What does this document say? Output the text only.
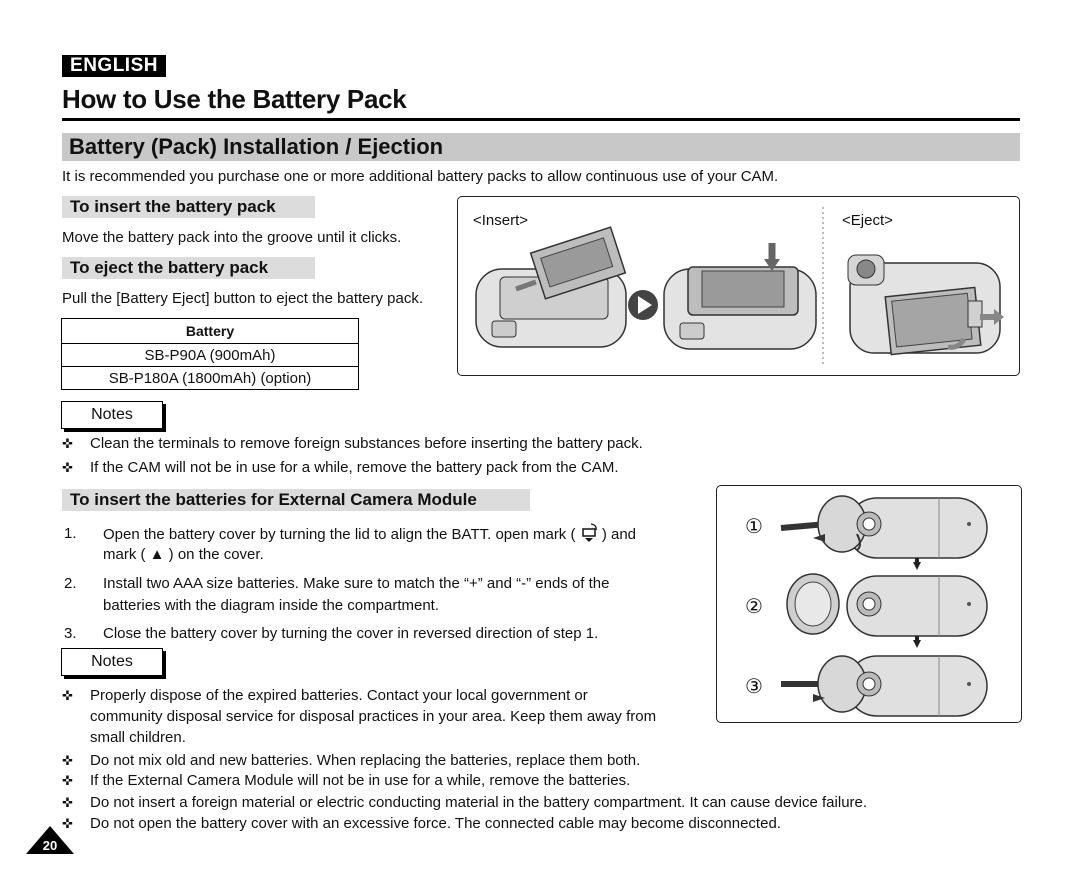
ENGLISH
How to Use the Battery Pack
Battery (Pack) Installation / Ejection
It is recommended you purchase one or more additional battery packs to allow continuous use of your CAM.
To insert the battery pack
Move the battery pack into the groove until it clicks.
To eject the battery pack
Pull the [Battery Eject] button to eject the battery pack.
Battery
SB-P90A (900mAh)
SB-P180A (1800mAh) (option)
<Insert>	<Eject>
Notes
✜ Clean the terminals to remove foreign substances before inserting the battery pack.
✜ If the CAM will not be in use for a while, remove the battery pack from the CAM.
To insert the batteries for External Camera Module
1. Open the battery cover by turning the lid to align the BATT. open mark ( ) and
mark ( ▲ ) on the cover.
2. Install two AAA size batteries. Make sure to match the “+” and “-” ends of the
batteries with the diagram inside the compartment.
3. Close the battery cover by turning the cover in reversed direction of step 1.
Notes
✜ Properly dispose of the expired batteries. Contact your local government or
community disposal service for disposal practices in your area. Keep them away from
small children.
✜ Do not mix old and new batteries. When replacing the batteries, replace them both.
✜ If the External Camera Module will not be in use for a while, remove the batteries.
✜ Do not insert a foreign material or electric conducting material in the battery compartment. It can cause device failure.
✜ Do not open the battery cover with an excessive force. The connected cable may become disconnected.
①
②
③
20
